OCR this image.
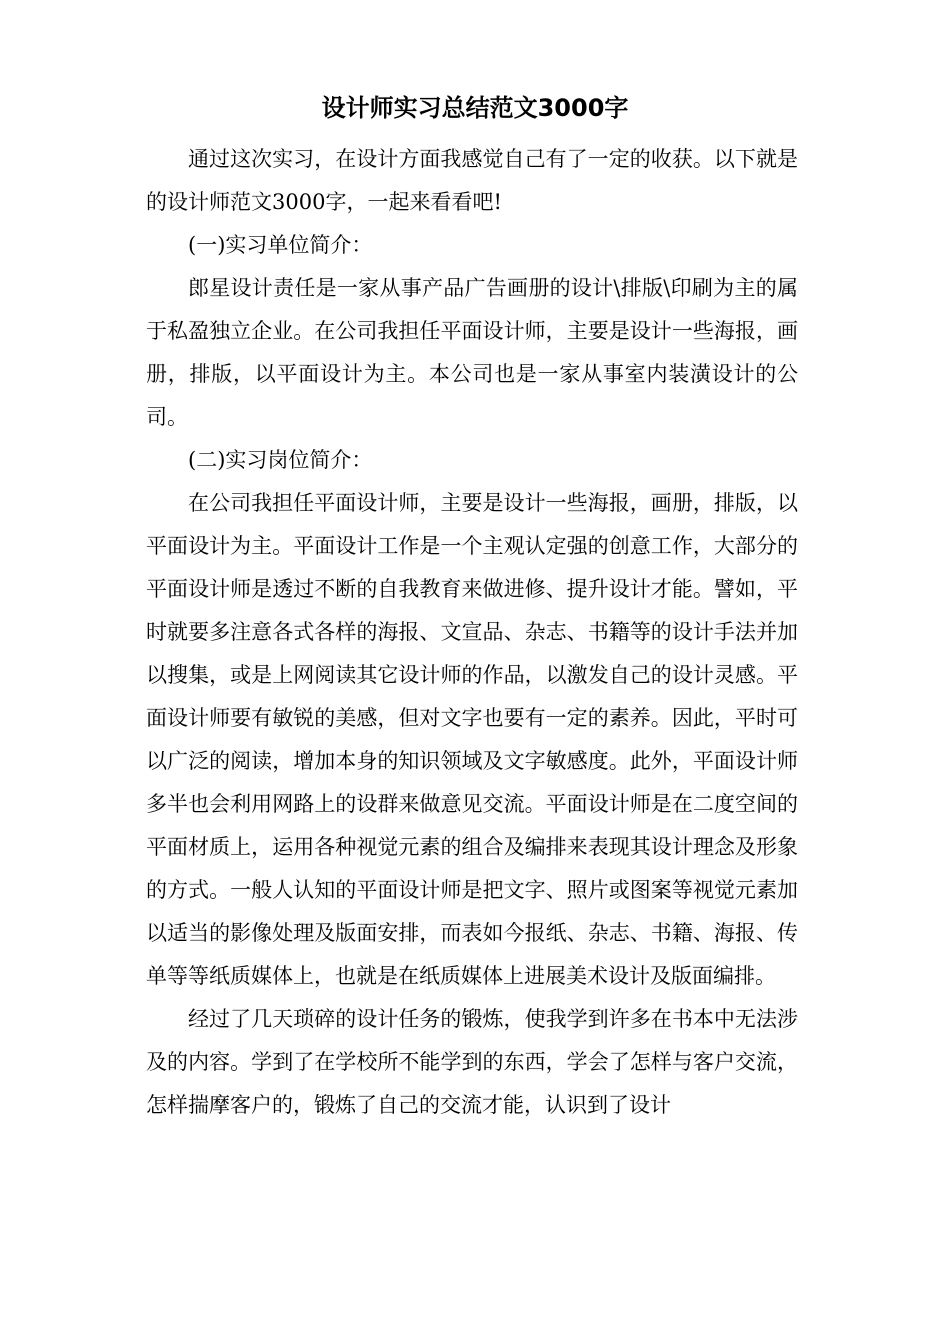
设计师实习总结范文3000字

通过这次实习，在设计方面我感觉自己有了一定的收获。以下就是的设计师范文3000字，一起来看看吧!

(一)实习单位简介：

郎星设计责任是一家从事产品广告画册的设计\排版\印刷为主的属于私盈独立企业。在公司我担任平面设计师，主要是设计一些海报，画册，排版，以平面设计为主。本公司也是一家从事室内装潢设计的公司。

(二)实习岗位简介：

在公司我担任平面设计师，主要是设计一些海报，画册，排版，以平面设计为主。平面设计工作是一个主观认定强的创意工作，大部分的平面设计师是透过不断的自我教育来做进修、提升设计才能。譬如，平时就要多注意各式各样的海报、文宣品、杂志、书籍等的设计手法并加以搜集，或是上网阅读其它设计师的作品，以激发自己的设计灵感。平面设计师要有敏锐的美感，但对文字也要有一定的素养。因此，平时可以广泛的阅读，增加本身的知识领域及文字敏感度。此外，平面设计师多半也会利用网路上的设群来做意见交流。平面设计师是在二度空间的平面材质上，运用各种视觉元素的组合及编排来表现其设计理念及形象的方式。一般人认知的平面设计师是把文字、照片或图案等视觉元素加以适当的影像处理及版面安排，而表如今报纸、杂志、书籍、海报、传单等等纸质媒体上，也就是在纸质媒体上进展美术设计及版面编排。

经过了几天琐碎的设计任务的锻炼，使我学到许多在书本中无法涉及的内容。学到了在学校所不能学到的东西，学会了怎样与客户交流，怎样揣摩客户的，锻炼了自己的交流才能，认识到了设计
